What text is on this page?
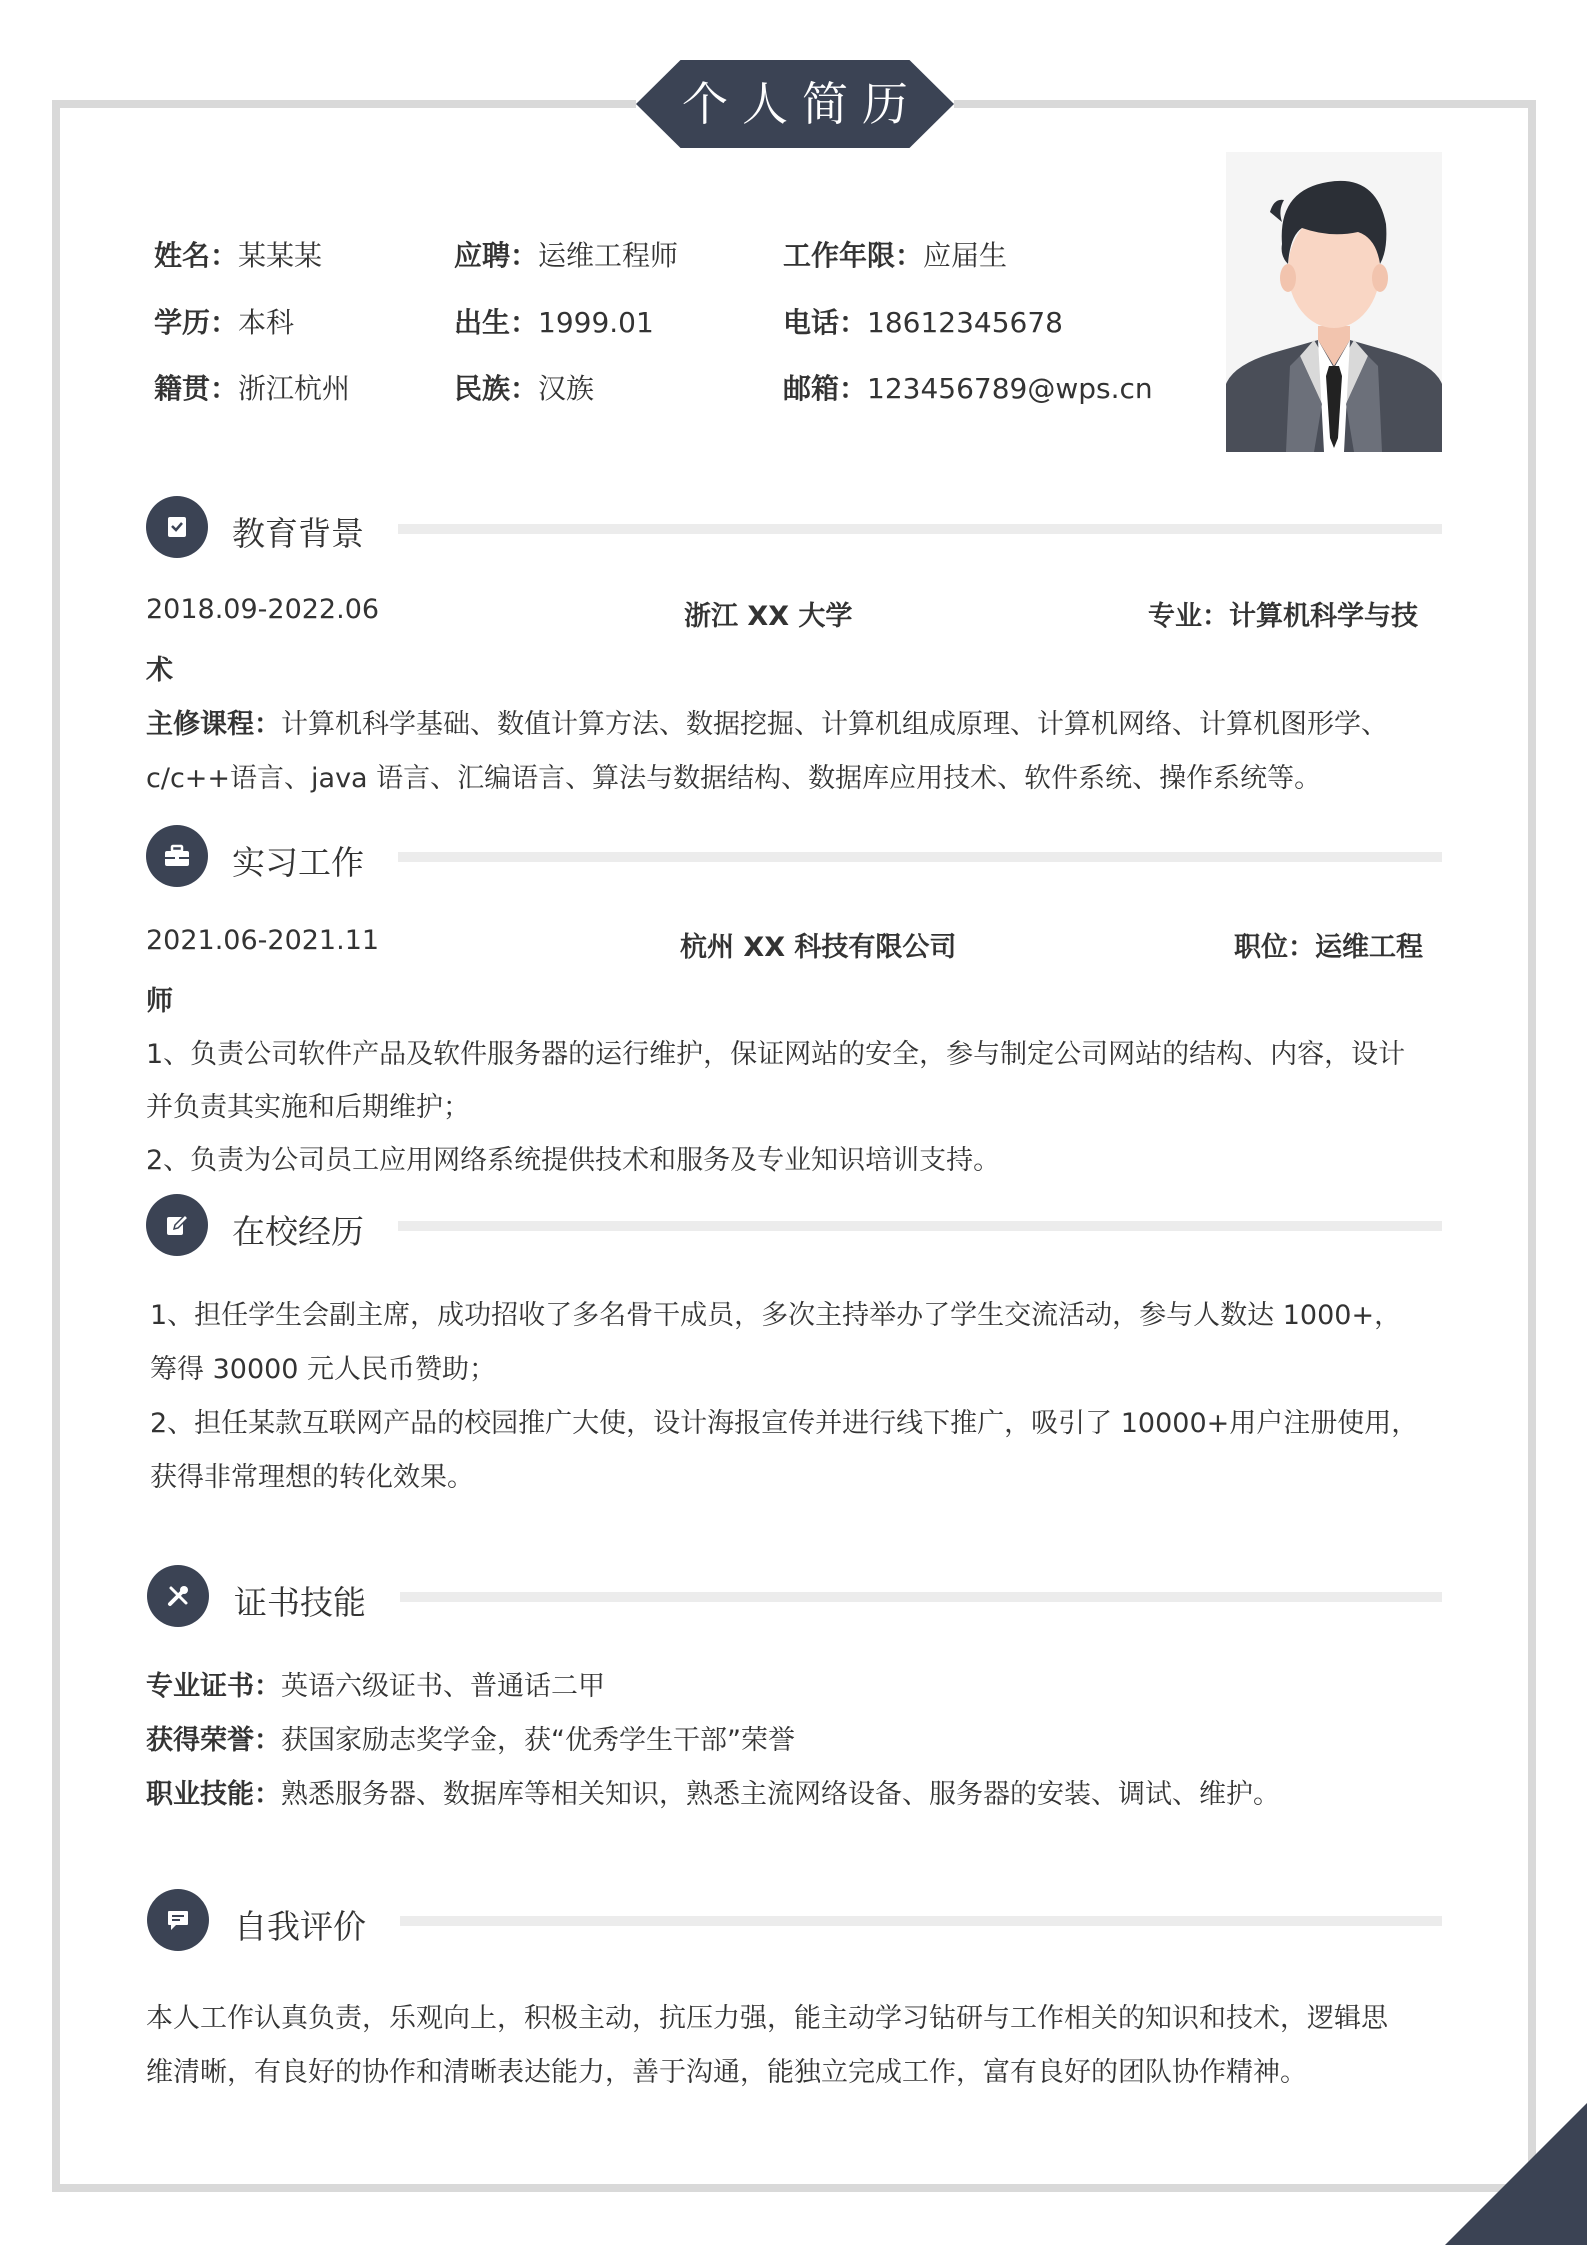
个人简历
姓名：某某某	应聘：运维工程师	工作年限：应届生
学历：本科	出生：1999.01	电话：18612345678
籍贯：浙江杭州	民族：汉族	邮箱：123456789@wps.cn
教育背景
2018.09-2022.06	浙江 XX 大学	专业：计算机科学与技
术
主修课程：计算机科学基础、数值计算方法、数据挖掘、计算机组成原理、计算机网络、计算机图形学、
c/c++语言、java 语言、汇编语言、算法与数据结构、数据库应用技术、软件系统、操作系统等。
实习工作
2021.06-2021.11	杭州 XX 科技有限公司	职位：运维工程
师
1、负责公司软件产品及软件服务器的运行维护，保证网站的安全，参与制定公司网站的结构、内容，设计
并负责其实施和后期维护；
2、负责为公司员工应用网络系统提供技术和服务及专业知识培训支持。
在校经历
1、担任学生会副主席，成功招收了多名骨干成员，多次主持举办了学生交流活动，参与人数达 1000+，
筹得 30000 元人民币赞助；
2、担任某款互联网产品的校园推广大使，设计海报宣传并进行线下推广，吸引了 10000+用户注册使用，
获得非常理想的转化效果。
证书技能
专业证书：英语六级证书、普通话二甲
获得荣誉：获国家励志奖学金，获“优秀学生干部”荣誉
职业技能：熟悉服务器、数据库等相关知识，熟悉主流网络设备、服务器的安装、调试、维护。
自我评价
本人工作认真负责，乐观向上，积极主动，抗压力强，能主动学习钻研与工作相关的知识和技术，逻辑思
维清晰，有良好的协作和清晰表达能力，善于沟通，能独立完成工作，富有良好的团队协作精神。
